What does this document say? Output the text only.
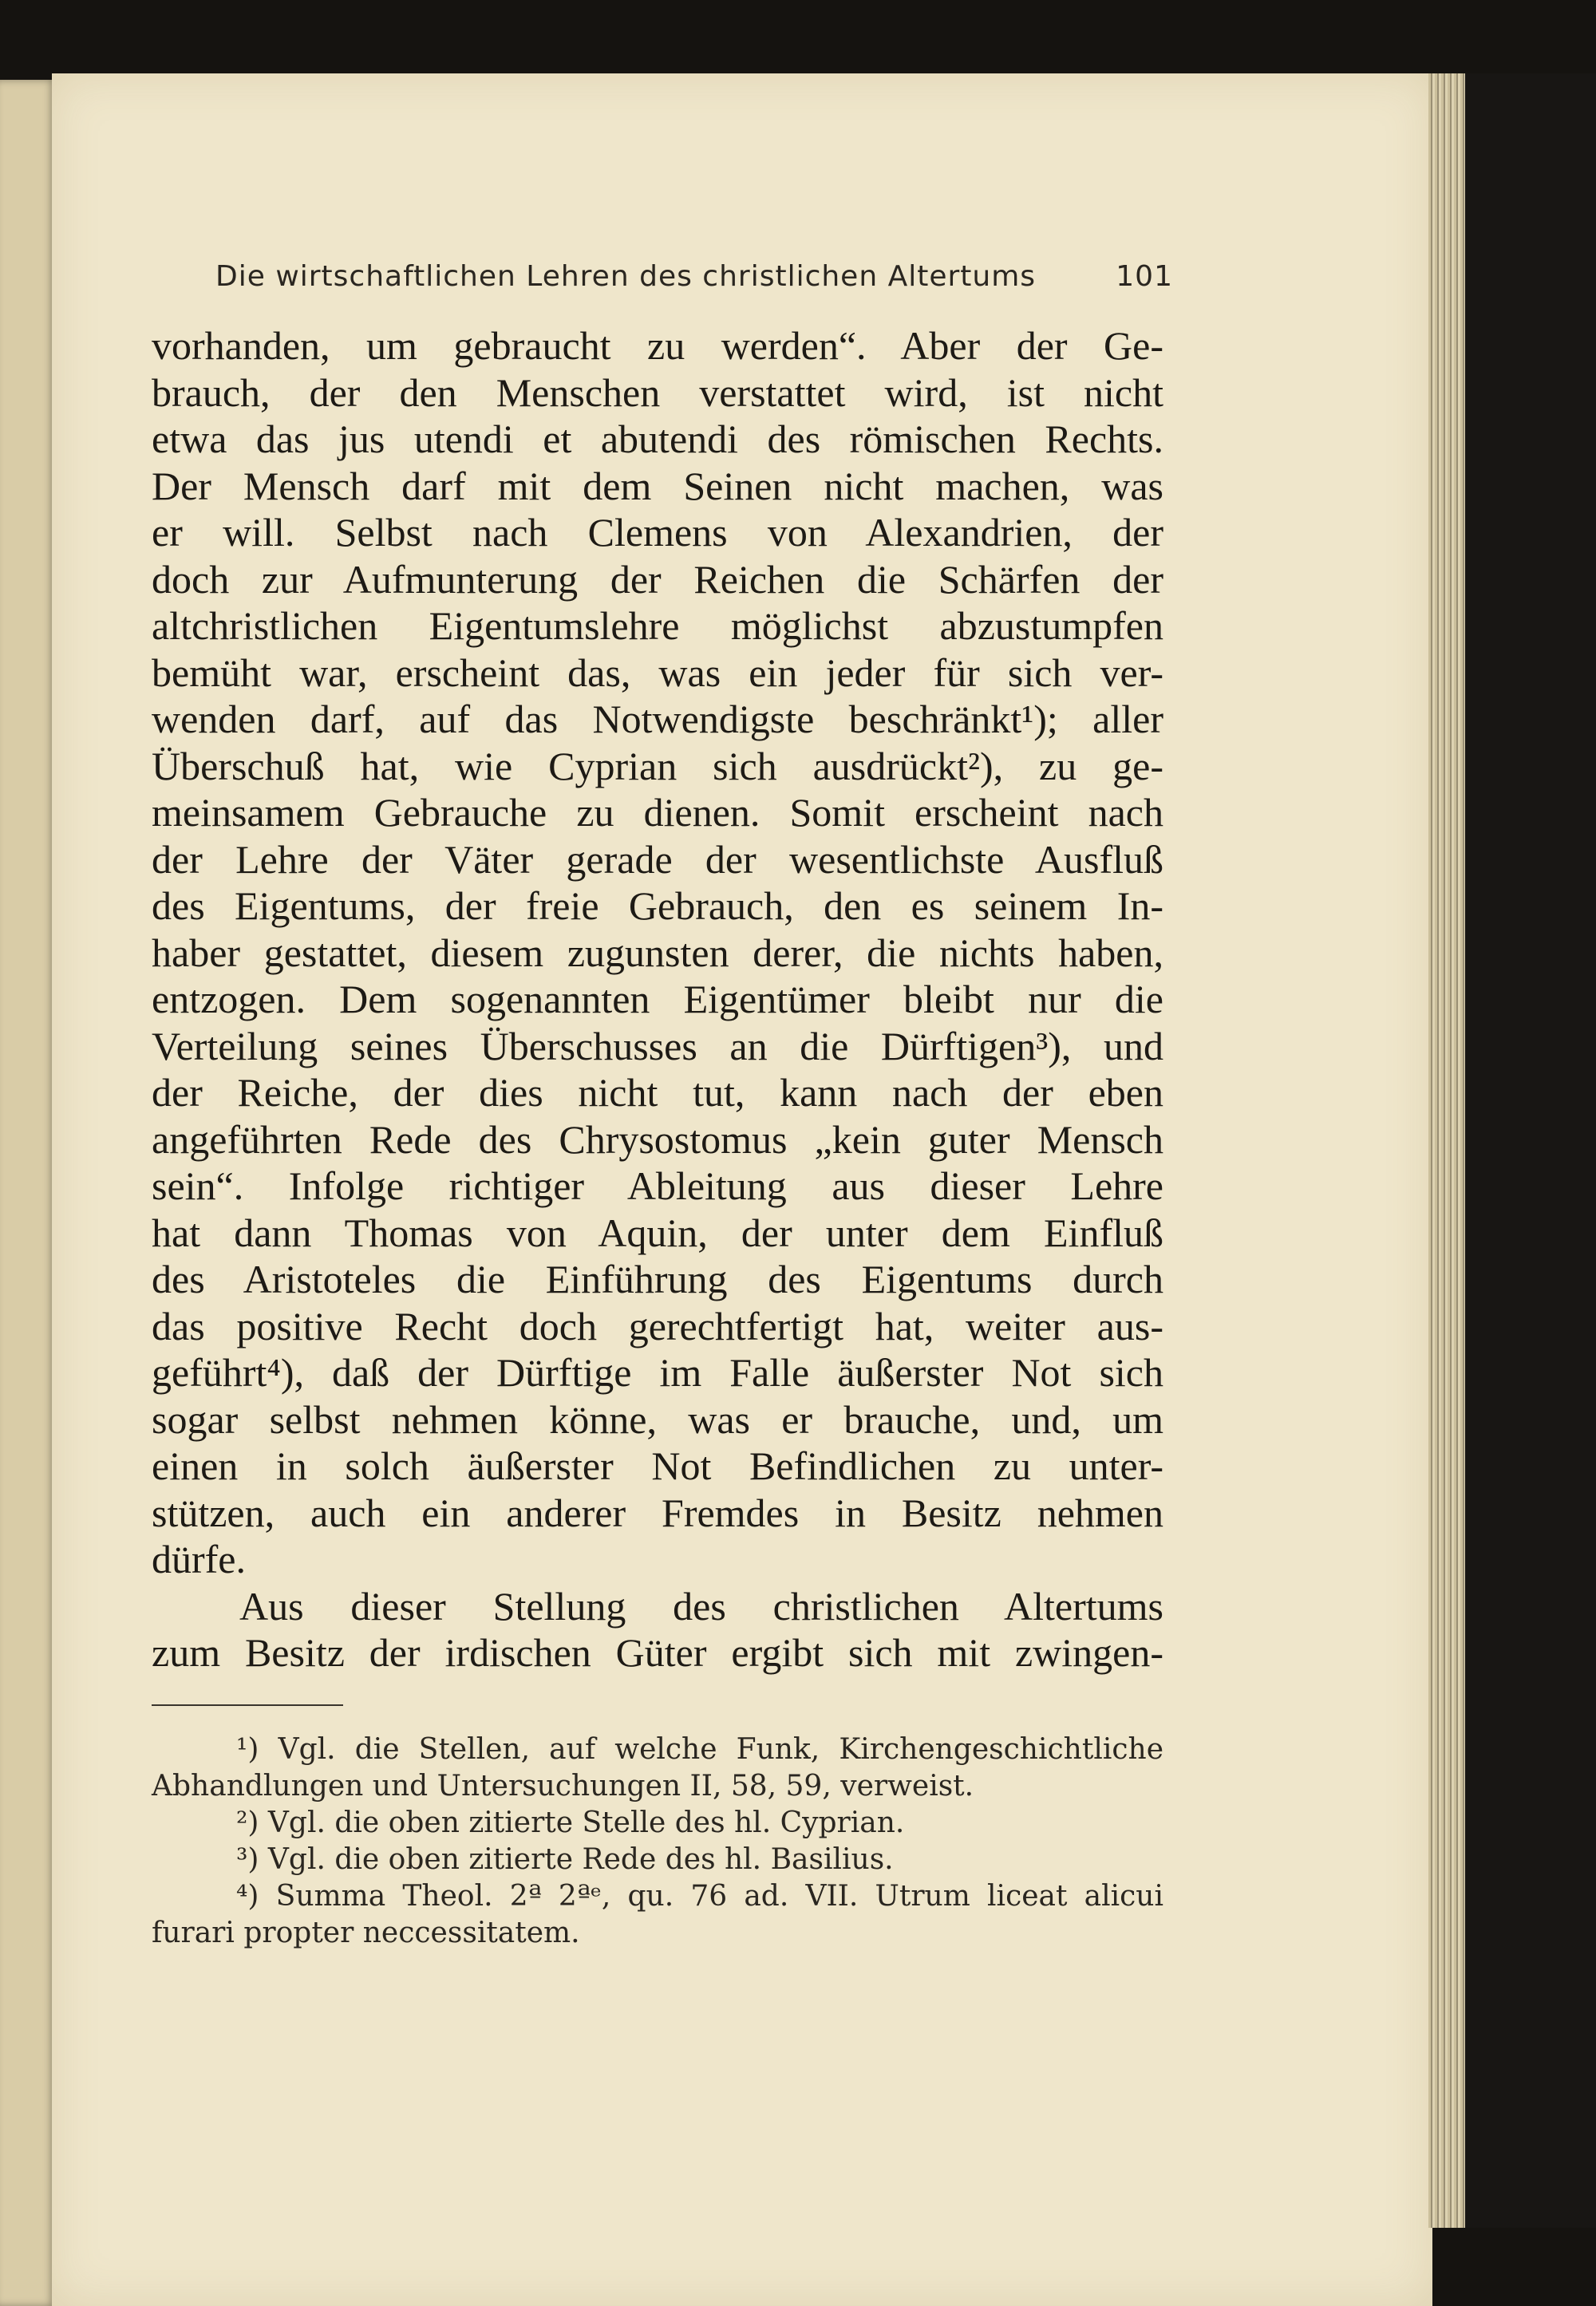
Die wirtschaftlichen Lehren des christlichen Altertums	101
vorhanden, um gebraucht zu werden“. Aber der Ge-
brauch, der den Menschen verstattet wird, ist nicht
etwa das jus utendi et abutendi des römischen Rechts.
Der Mensch darf mit dem Seinen nicht machen, was
er will. Selbst nach Clemens von Alexandrien, der
doch zur Aufmunterung der Reichen die Schärfen der
altchristlichen Eigentumslehre möglichst abzustumpfen
bemüht war, erscheint das, was ein jeder für sich ver-
wenden darf, auf das Notwendigste beschränkt¹); aller
Überschuß hat, wie Cyprian sich ausdrückt²), zu ge-
meinsamem Gebrauche zu dienen. Somit erscheint nach
der Lehre der Väter gerade der wesentlichste Ausfluß
des Eigentums, der freie Gebrauch, den es seinem In-
haber gestattet, diesem zugunsten derer, die nichts haben,
entzogen. Dem sogenannten Eigentümer bleibt nur die
Verteilung seines Überschusses an die Dürftigen³), und
der Reiche, der dies nicht tut, kann nach der eben
angeführten Rede des Chrysostomus „kein guter Mensch
sein“. Infolge richtiger Ableitung aus dieser Lehre
hat dann Thomas von Aquin, der unter dem Einfluß
des Aristoteles die Einführung des Eigentums durch
das positive Recht doch gerechtfertigt hat, weiter aus-
geführt⁴), daß der Dürftige im Falle äußerster Not sich
sogar selbst nehmen könne, was er brauche, und, um
einen in solch äußerster Not Befindlichen zu unter-
stützen, auch ein anderer Fremdes in Besitz nehmen
dürfe.
Aus dieser Stellung des christlichen Altertums
zum Besitz der irdischen Güter ergibt sich mit zwingen-
¹) Vgl. die Stellen, auf welche Funk, Kirchengeschichtliche
Abhandlungen und Untersuchungen II, 58, 59, verweist.
²) Vgl. die oben zitierte Stelle des hl. Cyprian.
³) Vgl. die oben zitierte Rede des hl. Basilius.
⁴) Summa Theol. 2ª 2ªᵉ, qu. 76 ad. VII. Utrum liceat alicui
furari propter neccessitatem.
